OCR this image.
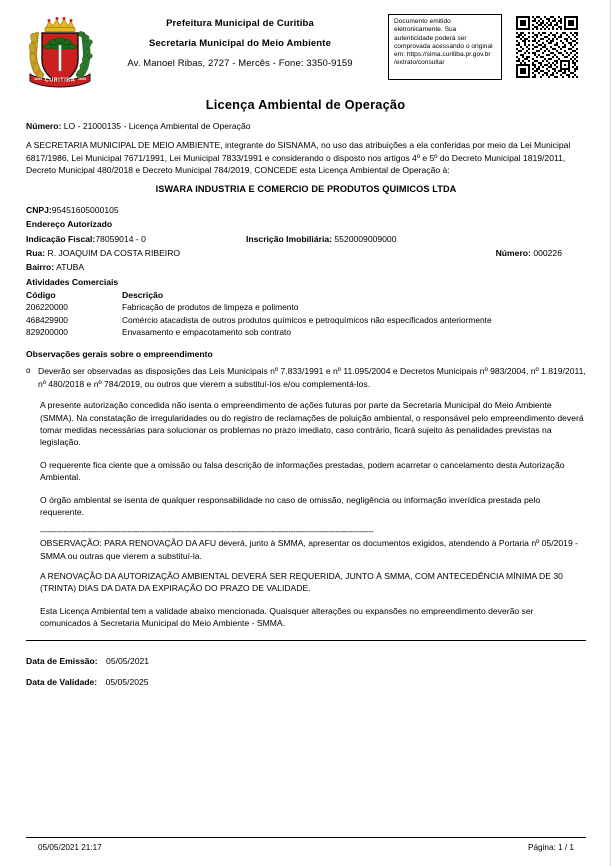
CURITIBA
1693	1693
Prefeitura Municipal de Curitiba
Secretaria Municipal do Meio Ambiente
Av. Manoel Ribas, 2727 - Mercês - Fone: 3350-9159
Documento emitido eletronicamente. Sua autenticidade poderá ser comprovada acessando o original em: https://sima.curitiba.pr.gov.br /extrato/consultar
Licença Ambiental de Operação
Número: LO - 21000135 - Licença Ambiental de Operação

A SECRETARIA MUNICIPAL DE MEIO AMBIENTE, integrante do SISNAMA, no uso das atribuições a ela conferidas por meio da Lei Municipal 6817/1986, Lei Municipal 7671/1991, Lei Municipal 7833/1991 e considerando o disposto nos artigos 4º e 5º do Decreto Municipal 1819/2011, Decreto Municipal 480/2018 e Decreto Municipal 784/2019, CONCEDE esta Licença Ambiental de Operação à:

ISWARA INDUSTRIA E COMERCIO DE PRODUTOS QUIMICOS LTDA

CNPJ:95451605000105
Endereço Autorizado
Indicação Fiscal:78059014 - 0	Inscrição Imobiliária: 5520009009000
Rua: R. JOAQUIM DA COSTA RIBEIRO	Número: 000226
Bairro: ATUBA
Atividades Comerciais
Código	Descrição
206220000	Fabricação de produtos de limpeza e polimento
468429900	Comércio atacadista de outros produtos químicos e petroquímicos não especificados anteriormente
829200000	Envasamento e empacotamento sob contrato
Observações gerais sobre o empreendimento
o Deverão ser observadas as disposições das Leis Municipais nº 7.833/1991 e nº 11.095/2004 e Decretos Municipais nº 983/2004, nº 1.819/2011, nº 480/2018 e nº 784/2019, ou outros que vierem a substituí-los e/ou complementá-los.

A presente autorização concedida não isenta o empreendimento de ações futuras por parte da Secretaria Municipal do Meio Ambiente (SMMA). Na constatação de irregularidades ou do registro de reclamações de poluição ambiental, o responsável pelo empreendimento deverá tomar medidas necessárias para solucionar os problemas no prazo imediato, caso contrário, ficará sujeito às penalidades previstas na legislação.

O requerente fica ciente que a omissão ou falsa descrição de informações prestadas, podem acarretar o cancelamento desta Autorização Ambiental.

O órgão ambiental se isenta de qualquer responsabilidade no caso de omissão, negligência ou informação inverídica prestada pelo requerente.

---------------------------------------------------------------------------------------------------------------------------------------------

OBSERVAÇÃO: PARA RENOVAÇÃO DA AFU deverá, junto à SMMA, apresentar os documentos exigidos, atendendo à Portaria nº 05/2019 - SMMA ou outras que vierem a substituí-la.

A RENOVAÇÃO DA AUTORIZAÇÃO AMBIENTAL DEVERÁ SER REQUERIDA, JUNTO À SMMA, COM ANTECEDÊNCIA MÍNIMA DE 30 (TRINTA) DIAS DA DATA DA EXPIRAÇÃO DO PRAZO DE VALIDADE.

Esta Licença Ambiental tem a validade abaixo mencionada. Quaisquer alterações ou expansões no empreendimento deverão ser comunicados à Secretaria Municipal do Meio Ambiente - SMMA.

Data de Emissão: 05/05/2021
Data de Validade: 05/05/2025
05/05/2021 21:17	Página: 1 / 1
